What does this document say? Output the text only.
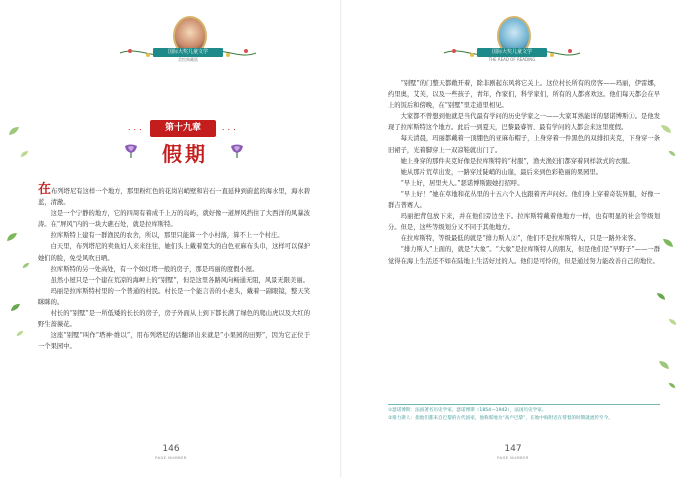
国际大奖儿童文学
美绘典藏版
• • •	第十九章	• • •
假期

在布列塔尼有这样一个地方，那里粉红色的花岗岩峭壁和岩石一直延伸到蔚蓝的海水里，海水碧蓝，清澈。

这是一个宁静的地方，它的四周有着成千上万的岛屿，就好像一道屏风挡住了大西洋的风暴波涛。在“屏风”内的一块大礁石处，就是拉库斯特。

拉库斯特上建有一群渔民的农舍，所以，那里只能算一个小村落，算不上一个村庄。

白天里，布列塔尼的卖鱼妇人来来往往，她们头上戴着宽大的白色亚麻布头巾，这样可以保护她们的脸，免受风吹日晒。

拉库斯特的另一处高处，有一个如灯塔一般的房子，那是玛丽的度假小屋。

虽然小屋只是一个建在荒凉的海岬上的“别墅”，但是这里各路风向畅通无阻，风景无限美丽。

玛丽是拉库斯特村里的一个普通的村民。村长是一个能言善的小老头，戴着一副眼镜，整天笑眯眯的。

村长的“别墅”是一所低矮的长长的房子，房子外面从上到下都长满了绿色的爬山虎以及大红的野生蔷薇花。

这座“别墅”叫作“塔神·维以”，用布列塔尼的话翻译出来就是“小果园的田野”，因为它正位于一个果园中。

146
PAGE NUMBER
国际大奖儿童文学
THE READ OF READING
147
PAGE NUMBER

“别墅”的门整天都敞开着，除非剧起东风将它关上。这位村长所有的房客——玛丽，伊雷娜，约里奥，艾芙，以及一些孩子，青年，作家们，科学家们，所有的人都喜欢这。他们每天都会在早上的饭后和傍晚，在“别墅”里走道里相见。

大家都不曾想到他就是当代最有学问的历史学家之一——大家耳熟能详的瑟诺博斯①。是他发现了拉库斯特这个地方。此后一到夏天，巴黎最睿智、最有学问的人都会来这里度假。

每天清晨，玛丽都戴着一顶绷色的亚麻布帽子，上身穿着一件黑色的双排扣夹克，下身穿一条旧裙子，光着脚穿上一双凉鞋就出门了。

她上身穿的那件夹克好像是拉库斯特的“村服”，渔夫渔妇们都穿着同样款式的衣服。

她从那片荒草出发，一路穿过陡峭的山崖，最后来到色彩艳丽的果园里。

“早上好，居里夫人。”瑟诺博斯跟她打招呼。

“早上好！”她在草地和花丛里的十五六个人也跟着齐声问好。他们身上穿着奇装异服，好像一群吉普赛人。

玛丽把背包放下来，并在他们旁边坐下。拉库斯特戴着他地方一样，也有明显的社会等级划分。但是，这些等级划分又不同于其他地方。

在拉库斯特，等级最低的就是“排力斯人②”，他们不是拉库斯特人，只是一路外来客。

“排力斯人”上面的，就是“大象”。“大象”是拉库斯特人的朋友，但是他们是“早野子”——一群觉得在海上生活还不如在陆地上生活好过的人。他们是可怜的，但是通过努力能改善自己的地位。

①瑟诺博斯：法国著名历史学家，瑟诺博斯（1854—1942），法国历史学家。

②排力斯人：指他们都来自巴黎的古代国家，他称那地为“高卢巴黎”，在地中海附近在帮着的时期就流传至今。
